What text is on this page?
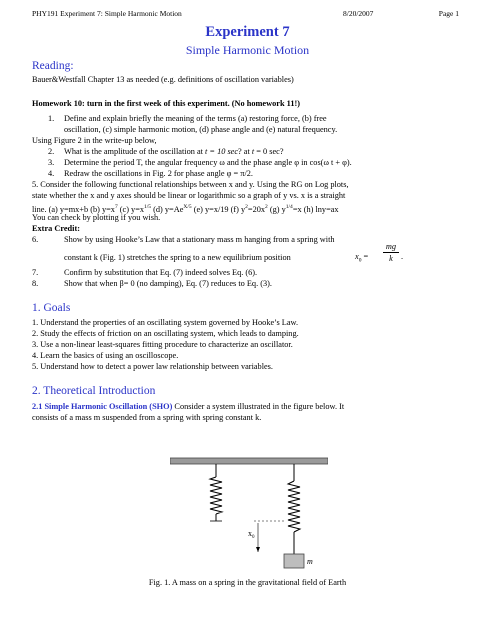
PHY191 Experiment 7: Simple Harmonic Motion	8/20/2007	Page 1
Experiment 7
Simple Harmonic Motion
Reading:
Bauer&Westfall Chapter 13 as needed (e.g. definitions of oscillation variables)
Homework 10: turn in the first week of this experiment. (No homework 11!)
1. Define and explain briefly the meaning of the terms (a) restoring force, (b) free
oscillation, (c) simple harmonic motion, (d) phase angle and (e) natural frequency.
Using Figure 2 in the write-up below,
2. What is the amplitude of the oscillation at t = 10 sec? at t = 0 sec?
3. Determine the period T, the angular frequency ω and the phase angle φ in cos(ω t + φ).
4. Redraw the oscillations in Fig. 2 for phase angle φ = π/2.
5. Consider the following functional relationships between x and y. Using the RG on Log plots,
state whether the x and y axes should be linear or logarithmic so a graph of y vs. x is a straight
line. (a) y=mx+b (b) $y=x^7$ (c) $y=x^{1/5}$ (d) $y=Ae^{X/5}$ (e) y=x/19 (f) $y^2=20x^2$ (g) $y^{1/4}=x$ (h) lny=ax
You can check by plotting if you wish.
Extra Credit:
6.	Show by using Hooke’s Law that a stationary mass m hanging from a spring with
constant k (Fig. 1) stretches the spring to a new equilibrium position	$x_0$ =
mg
k .
7.	Confirm by substitution that Eq. (7) indeed solves Eq. (6).
8.	Show that when β= 0 (no damping), Eq. (7) reduces to Eq. (3).
1. Goals
1. Understand the properties of an oscillating system governed by Hooke’s Law.
2. Study the effects of friction on an oscillating system, which leads to damping.
3. Use a non-linear least-squares fitting procedure to characterize an oscillator.
4. Learn the basics of using an oscilloscope.
5. Understand how to detect a power law relationship between variables.
2. Theoretical Introduction
2.1 Simple Harmonic Oscillation (SHO) Consider a system illustrated in the figure below. It
consists of a mass m suspended from a spring with spring constant k.
$x_0$
m
Fig. 1. A mass on a spring in the gravitational field of Earth
